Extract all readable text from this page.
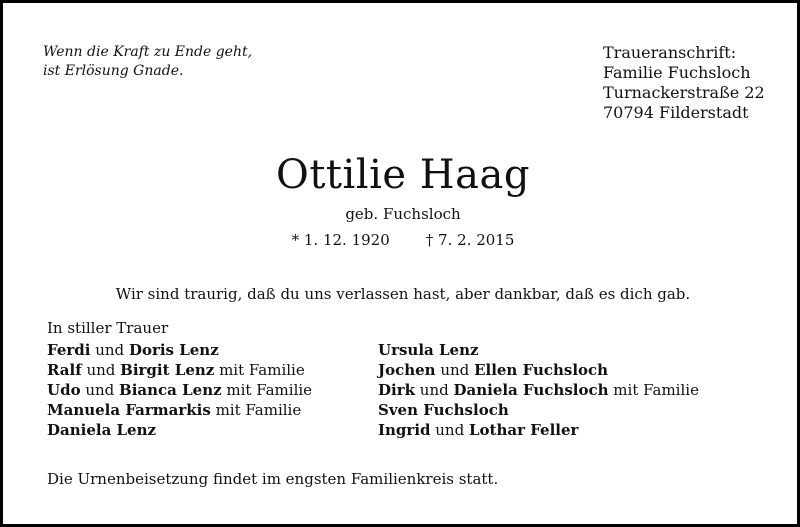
Wenn die Kraft zu Ende geht,
ist Erlösung Gnade.
Traueranschrift:
Familie Fuchsloch
Turnackerstraße 22
70794 Filderstadt
Ottilie Haag
geb. Fuchsloch
* 1. 12. 1920 † 7. 2. 2015
Wir sind traurig, daß du uns verlassen hast, aber dankbar, daß es dich gab.
In stiller Trauer
Ferdi und Doris Lenz
Ralf und Birgit Lenz mit Familie
Udo und Bianca Lenz mit Familie
Manuela Farmarkis mit Familie
Daniela Lenz
Ursula Lenz
Jochen und Ellen Fuchsloch
Dirk und Daniela Fuchsloch mit Familie
Sven Fuchsloch
Ingrid und Lothar Feller
Die Urnenbeisetzung findet im engsten Familienkreis statt.
